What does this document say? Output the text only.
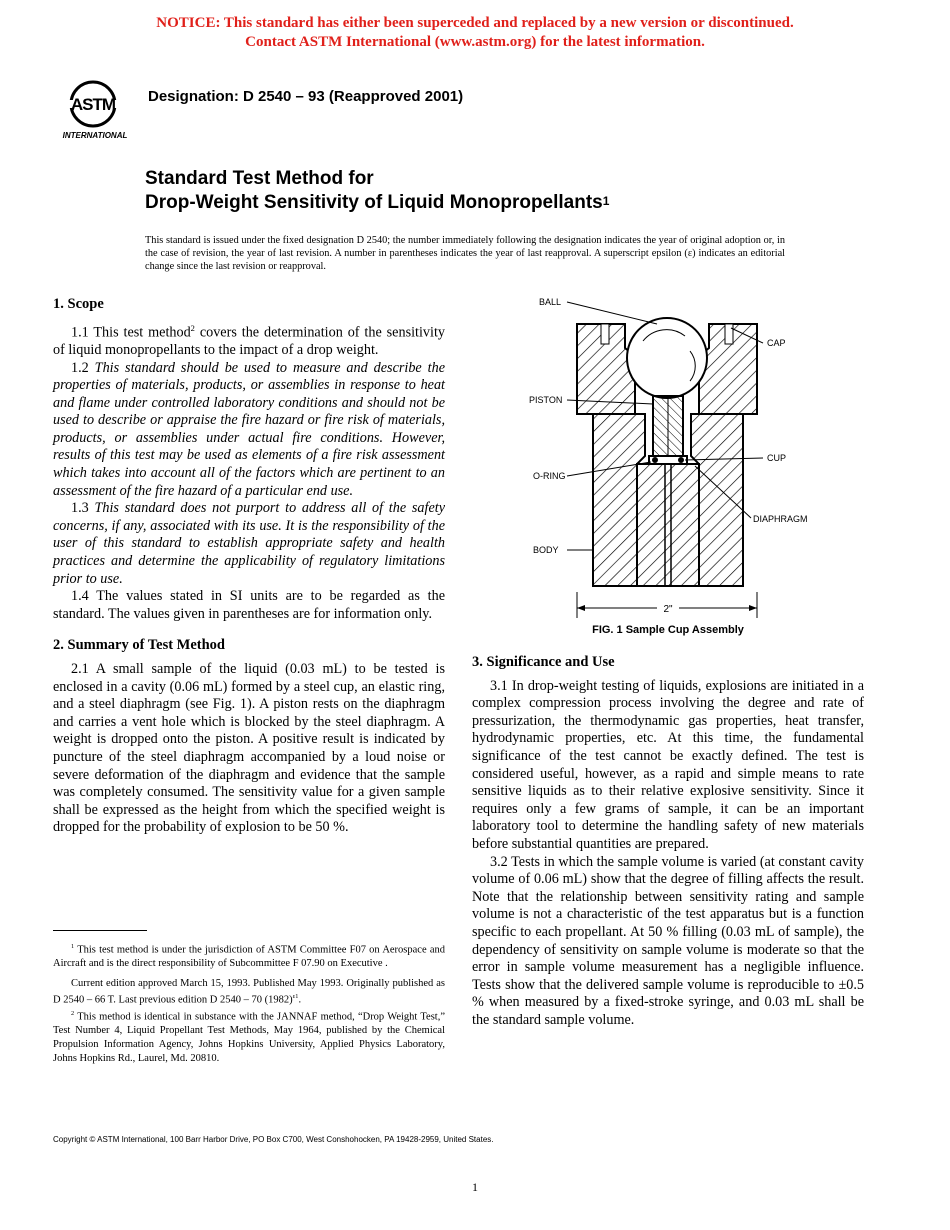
NOTICE: This standard has either been superceded and replaced by a new version or discontinued.
Contact ASTM International (www.astm.org) for the latest information.
ASTM
INTERNATIONAL
Designation: D 2540 – 93 (Reapproved 2001)
Standard Test Method for
Drop-Weight Sensitivity of Liquid Monopropellants$^1$
This standard is issued under the fixed designation D 2540; the number immediately following the designation indicates the year of original adoption or, in the case of revision, the year of last revision. A number in parentheses indicates the year of last reapproval. A superscript epsilon (ε) indicates an editorial change since the last revision or reapproval.
1. Scope

1.1 This test method$^2$ covers the determination of the sensitivity of liquid monopropellants to the impact of a drop weight.

1.2 This standard should be used to measure and describe the properties of materials, products, or assemblies in response to heat and flame under controlled laboratory conditions and should not be used to describe or appraise the fire hazard or fire risk of materials, products, or assemblies under actual fire conditions. However, results of this test may be used as elements of a fire risk assessment which takes into account all of the factors which are pertinent to an assessment of the fire hazard of a particular end use.

1.3 This standard does not purport to address all of the safety concerns, if any, associated with its use. It is the responsibility of the user of this standard to establish appropriate safety and health practices and determine the applicability of regulatory limitations prior to use.

1.4 The values stated in SI units are to be regarded as the standard. The values given in parentheses are for information only.

2. Summary of Test Method

2.1 A small sample of the liquid (0.03 mL) to be tested is enclosed in a cavity (0.06 mL) formed by a steel cup, an elastic ring, and a steel diaphragm (see Fig. 1). A piston rests on the diaphragm and carries a vent hole which is blocked by the steel diaphragm. A weight is dropped onto the piston. A positive result is indicated by puncture of the steel diaphragm accompanied by a loud noise or severe deformation of the diaphragm and evidence that the sample was completely consumed. The sensitivity value for a given sample shall be expressed as the height from which the specified weight is dropped for the probability of explosion to be 50 %.

$^1$ This test method is under the jurisdiction of ASTM Committee F07 on Aerospace and Aircraft and is the direct responsibility of Subcommittee F 07.90 on Executive .

Current edition approved March 15, 1993. Published May 1993. Originally published as D 2540 – 66 T. Last previous edition D 2540 – 70 $(1982)^{\varepsilon 1}$.

$^2$ This method is identical in substance with the JANNAF method, “Drop Weight Test,” Test Number 4, Liquid Propellant Test Methods, May 1964, published by the Chemical Propulsion Information Agency, Johns Hopkins University, Applied Physics Laboratory, Johns Hopkins Rd., Laurel, Md. 20810.

2"
BALL
CAP
PISTON
CUP
O-RING
DIAPHRAGM
BODY
FIG. 1 Sample Cup Assembly
3. Significance and Use

3.1 In drop-weight testing of liquids, explosions are initiated in a complex compression process involving the degree and rate of pressurization, the thermodynamic gas properties, heat transfer, hydrodynamic properties, etc. At this time, the fundamental significance of the test cannot be exactly defined. The test is considered useful, however, as a rapid and simple means to rate sensitive liquids as to their relative explosive sensitivity. Since it requires only a few grams of sample, it can be an important laboratory tool to determine the handling safety of new materials before substantial quantities are prepared.

3.2 Tests in which the sample volume is varied (at constant cavity volume of 0.06 mL) show that the degree of filling affects the result. Note that the relationship between sensitivity rating and sample volume is not a characteristic of the test apparatus but is a function specific to each propellant. At 50 % filling (0.03 mL of sample), the dependency of sensitivity on sample volume is moderate so that the error in sample volume measurement has a negligible influence. Tests show that the delivered sample volume is reproducible to ±0.5 % when measured by a fixed-stroke syringe, and 0.03 mL shall be the standard sample volume.

Copyright © ASTM International, 100 Barr Harbor Drive, PO Box C700, West Conshohocken, PA 19428-2959, United States.
1
